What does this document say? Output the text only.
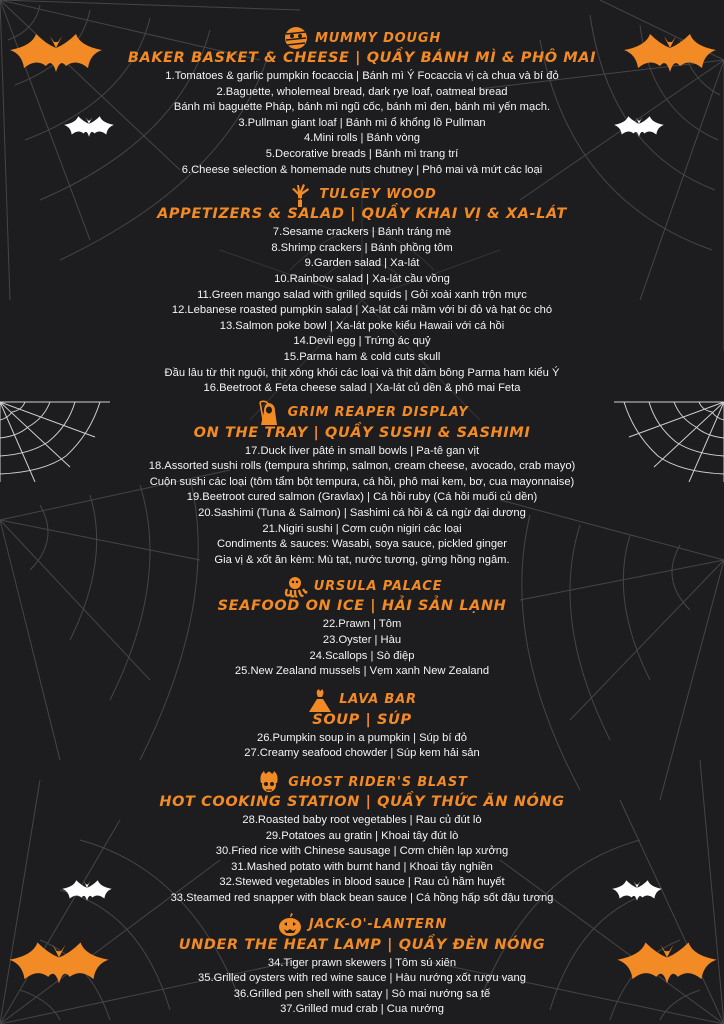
MUMMY DOUGH
BAKER BASKET & CHEESE | QUẦY BÁNH MÌ & PHÔ MAI
1.Tomatoes & garlic pumpkin focaccia | Bánh mì Ý Focaccia vị cà chua và bí đỏ
2.Baguette, wholemeal bread, dark rye loaf, oatmeal bread
Bánh mì baguette Pháp, bánh mì ngũ cốc, bánh mì đen, bánh mì yến mạch.
3.Pullman giant loaf | Bánh mì ổ khổng lồ Pullman
4.Mini rolls | Bánh vòng
5.Decorative breads | Bánh mì trang trí
6.Cheese selection & homemade nuts chutney | Phô mai và mứt các loại
TULGEY WOOD
APPETIZERS & SALAD | QUẦY KHAI VỊ & XA-LÁT
7.Sesame crackers | Bánh tráng mè
8.Shrimp crackers | Bánh phồng tôm
9.Garden salad | Xa-lát
10.Rainbow salad | Xa-lát cầu vồng
11.Green mango salad with grilled squids | Gỏi xoài xanh trộn mực
12.Lebanese roasted pumpkin salad | Xa-lát cải mầm với bí đỏ và hạt óc chó
13.Salmon poke bowl | Xa-lát poke kiểu Hawaii với cá hồi
14.Devil egg | Trứng ác quỷ
15.Parma ham & cold cuts skull
Đầu lâu từ thịt nguội, thịt xông khói các loại và thịt dăm bông Parma ham kiểu Ý
16.Beetroot & Feta cheese salad | Xa-lát củ dền & phô mai Feta
GRIM REAPER DISPLAY
ON THE TRAY | QUẦY SUSHI & SASHIMI
17.Duck liver pâté in small bowls | Pa-tê gan vịt
18.Assorted sushi rolls (tempura shrimp, salmon, cream cheese, avocado, crab mayo)
Cuộn sushi các loại (tôm tẩm bột tempura, cá hồi, phô mai kem, bơ, cua mayonnaise)
19.Beetroot cured salmon (Gravlax) | Cá hồi ruby (Cá hồi muối củ dền)
20.Sashimi (Tuna & Salmon) | Sashimi cá hồi & cá ngừ đại dương
21.Nigiri sushi | Cơm cuộn nigiri các loại
Condiments & sauces: Wasabi, soya sauce, pickled ginger
Gia vị & xốt ăn kèm: Mù tạt, nước tương, gừng hồng ngâm.
URSULA PALACE
SEAFOOD ON ICE | HẢI SẢN LẠNH
22.Prawn | Tôm
23.Oyster | Hàu
24.Scallops | Sò điệp
25.New Zealand mussels | Vẹm xanh New Zealand
LAVA BAR
SOUP | SÚP
26.Pumpkin soup in a pumpkin | Súp bí đỏ
27.Creamy seafood chowder | Súp kem hải sản
GHOST RIDER'S BLAST
HOT COOKING STATION | QUẦY THỨC ĂN NÓNG
28.Roasted baby root vegetables | Rau củ đút lò
29.Potatoes au gratin | Khoai tây đút lò
30.Fried rice with Chinese sausage | Cơm chiên lạp xưởng
31.Mashed potato with burnt hand | Khoai tây nghiền
32.Stewed vegetables in blood sauce | Rau củ hầm huyết
33.Steamed red snapper with black bean sauce | Cá hồng hấp sốt đậu tương
JACK-O'-LANTERN
UNDER THE HEAT LAMP | QUẦY ĐÈN NÓNG
34.Tiger prawn skewers | Tôm sú xiên
35.Grilled oysters with red wine sauce | Hàu nướng xốt rượu vang
36.Grilled pen shell with satay | Sò mai nướng sa tế
37.Grilled mud crab | Cua nướng
